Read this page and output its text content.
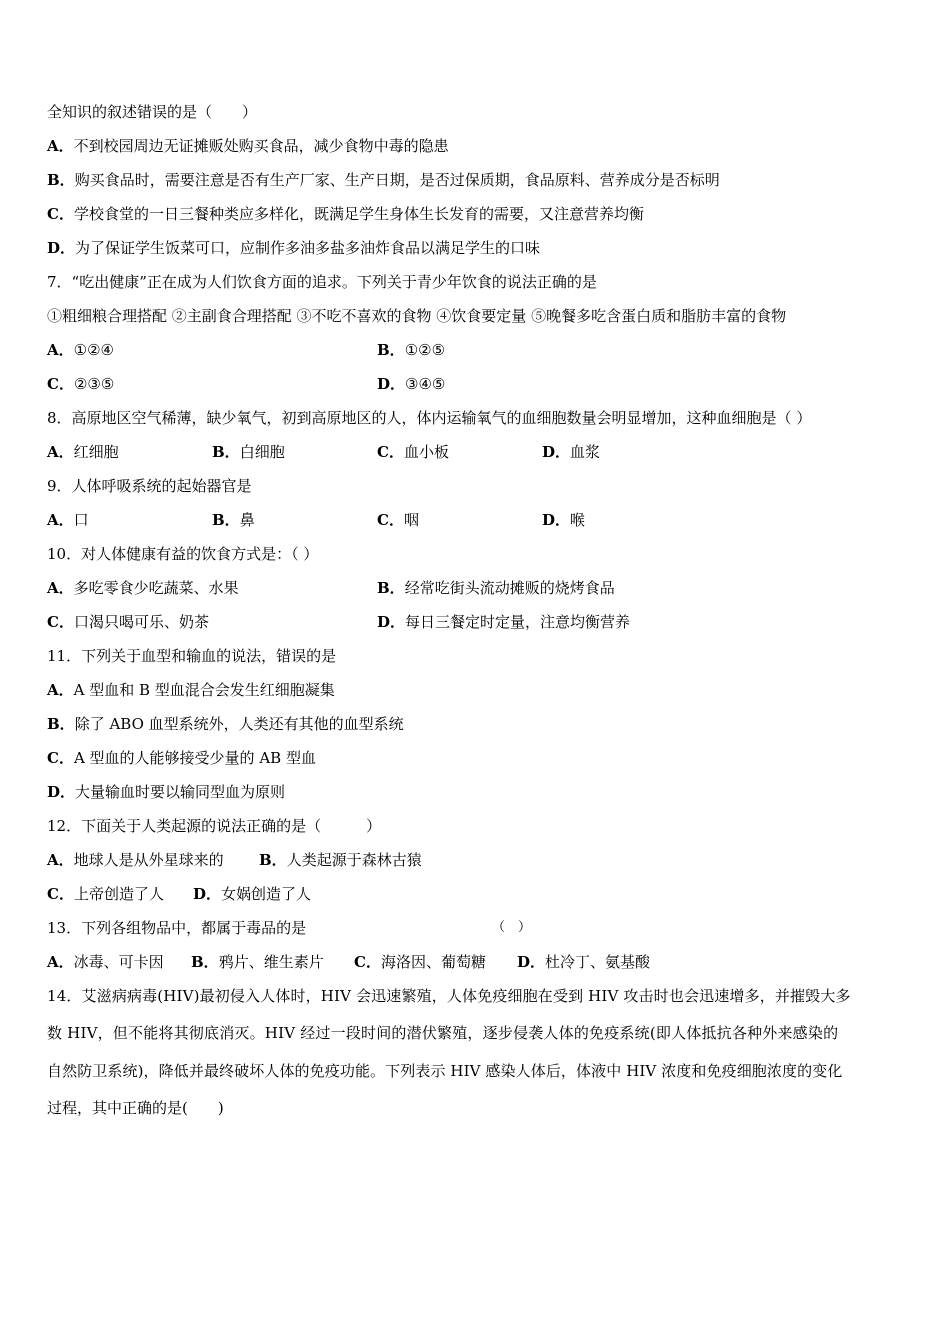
全知识的叙述错误的是（　　）
A．不到校园周边无证摊贩处购买食品，减少食物中毒的隐患
B．购买食品时，需要注意是否有生产厂家、生产日期，是否过保质期，食品原料、营养成分是否标明
C．学校食堂的一日三餐种类应多样化，既满足学生身体生长发育的需要，又注意营养均衡
D．为了保证学生饭菜可口，应制作多油多盐多油炸食品以满足学生的口味
7．“吃出健康”正在成为人们饮食方面的追求。下列关于青少年饮食的说法正确的是
①粗细粮合理搭配 ②主副食合理搭配 ③不吃不喜欢的食物 ④饮食要定量 ⑤晚餐多吃含蛋白质和脂肪丰富的食物
A．①②④	B．①②⑤
C．②③⑤	D．③④⑤
8．高原地区空气稀薄，缺少氧气，初到高原地区的人，体内运输氧气的血细胞数量会明显增加，这种血细胞是（ ）
A．红细胞	B．白细胞	C．血小板	D．血浆
9．人体呼吸系统的起始器官是
A．口	B．鼻	C．咽	D．喉
10．对人体健康有益的饮食方式是：（ ）
A．多吃零食少吃蔬菜、水果	B．经常吃街头流动摊贩的烧烤食品
C．口渴只喝可乐、奶茶	D．每日三餐定时定量，注意均衡营养
11．下列关于血型和输血的说法，错误的是
A．A 型血和 B 型血混合会发生红细胞凝集
B．除了 ABO 血型系统外，人类还有其他的血型系统
C．A 型血的人能够接受少量的 AB 型血
D．大量输血时要以输同型血为原则
12．下面关于人类起源的说法正确的是（　　　）
A．地球人是从外星球来的 B．人类起源于森林古猿
C．上帝创造了人 D．女娲创造了人
13．下列各组物品中，都属于毒品的是	（　）
A．冰毒、可卡因 B．鸦片、维生素片 C．海洛因、葡萄糖 D．杜冷丁、氨基酸
14．艾滋病病毒(HIV)最初侵入人体时，HIV 会迅速繁殖，人体免疫细胞在受到 HIV 攻击时也会迅速增多，并摧毁大多
数 HIV，但不能将其彻底消灭。HIV 经过一段时间的潜伏繁殖，逐步侵袭人体的免疫系统(即人体抵抗各种外来感染的
自然防卫系统)，降低并最终破坏人体的免疫功能。下列表示 HIV 感染人体后，体液中 HIV 浓度和免疫细胞浓度的变化
过程，其中正确的是(　　)
